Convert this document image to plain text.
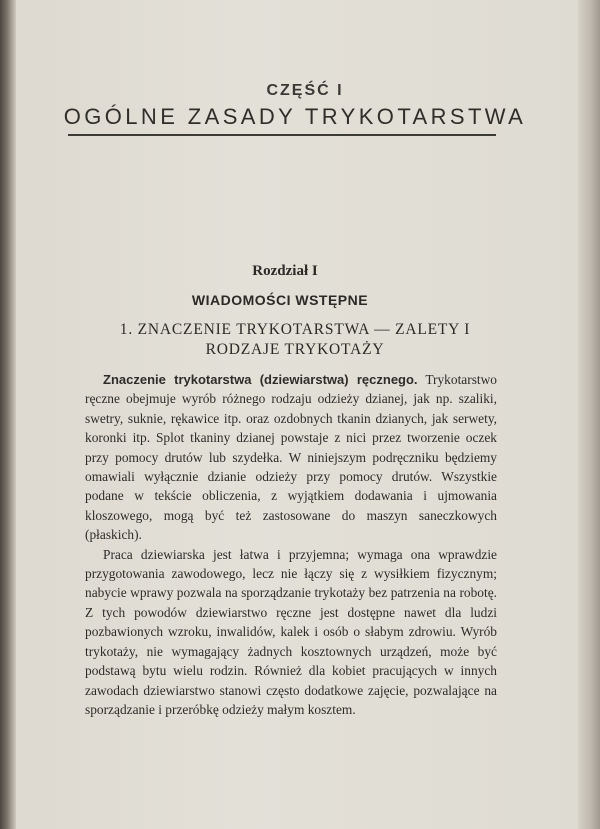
CZĘŚĆ I
OGÓLNE ZASADY TRYKOTARSTWA
Rozdział I
WIADOMOŚCI WSTĘPNE
1. ZNACZENIE TRYKOTARSTWA — ZALETY I RODZAJE TRYKOTAŻY

Znaczenie trykotarstwa (dziewiarstwa) ręcznego. Trykotarstwo ręczne obejmuje wyrób różnego rodzaju odzieży dzianej, jak np. szaliki, swetry, suknie, rękawice itp. oraz ozdobnych tkanin dzianych, jak serwety, koronki itp. Splot tkaniny dzianej powstaje z nici przez tworzenie oczek przy pomocy drutów lub szydełka. W niniejszym podręczniku będziemy omawiali wyłącznie dzianie odzieży przy pomocy drutów. Wszystkie podane w tekście obliczenia, z wyjątkiem dodawania i ujmowania kloszowego, mogą być też zastosowane do maszyn saneczkowych (płaskich).

Praca dziewiarska jest łatwa i przyjemna; wymaga ona wprawdzie przygotowania zawodowego, lecz nie łączy się z wysiłkiem fizycznym; nabycie wprawy pozwala na sporządzanie trykotaży bez patrzenia na robotę. Z tych powodów dziewiarstwo ręczne jest dostępne nawet dla ludzi pozbawionych wzroku, inwalidów, kalek i osób o słabym zdrowiu. Wyrób trykotaży, nie wymagający żadnych kosztownych urządzeń, może być podstawą bytu wielu rodzin. Również dla kobiet pracujących w innych zawodach dziewiarstwo stanowi często dodatkowe zajęcie, pozwalające na sporządzanie i przeróbkę odzieży małym kosztem.
